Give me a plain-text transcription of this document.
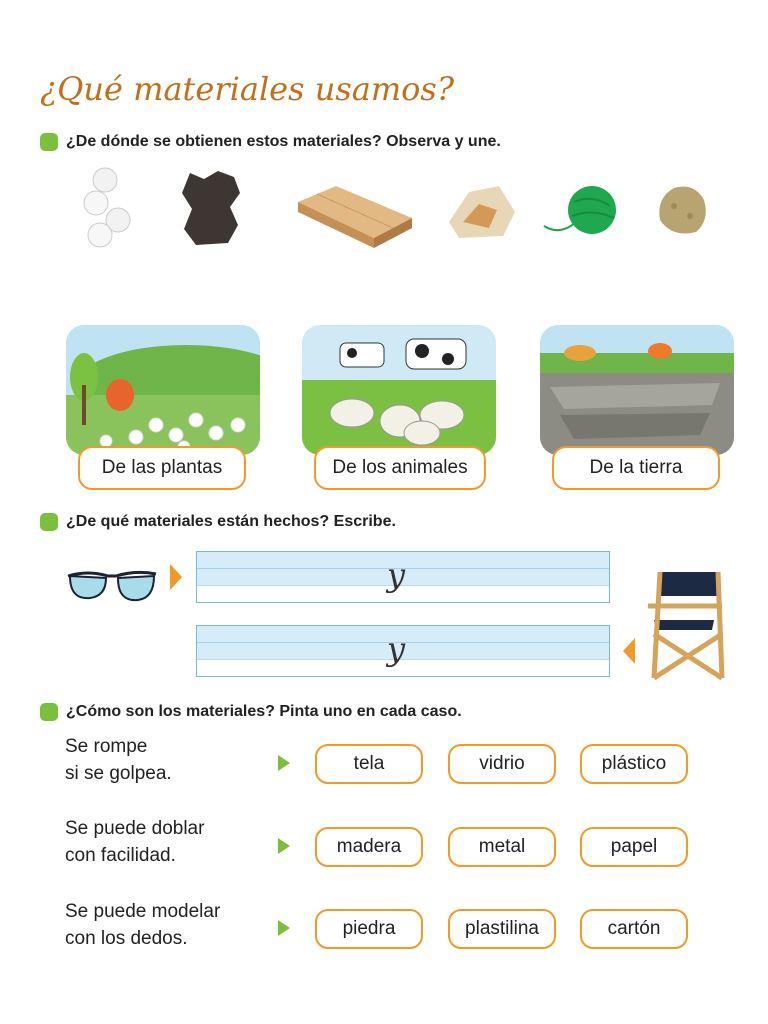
¿Qué materiales usamos?
¿De dónde se obtienen estos materiales? Observa y une.
De las plantas	De los animales	De la tierra
¿De qué materiales están hechos? Escribe.
y
y
¿Cómo son los materiales? Pinta uno en cada caso.
Se rompe
si se golpea.	tela	vidrio	plástico
Se puede doblar
con facilidad.	madera	metal	papel
Se puede modelar
con los dedos.	piedra	plastilina	cartón
